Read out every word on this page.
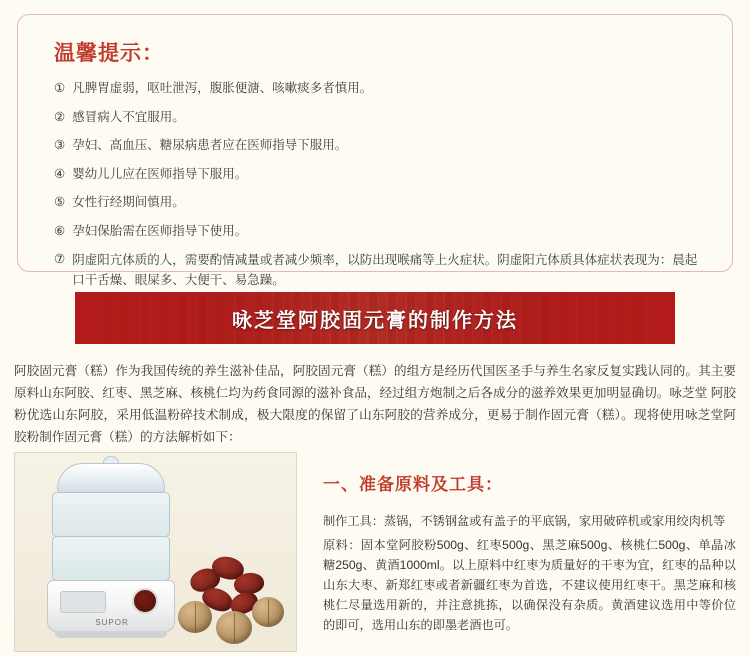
温馨提示：
① 凡脾胃虚弱，呕吐泄泻，腹胀便溏、咳嗽痰多者慎用。
② 感冒病人不宜服用。
③ 孕妇、高血压、糖尿病患者应在医师指导下服用。
④ 婴幼儿儿应在医师指导下服用。
⑤ 女性行经期间慎用。
⑥ 孕妇保胎需在医师指导下使用。
⑦ 阴虚阳亢体质的人，需要酌情减量或者减少频率，以防出现喉痛等上火症状。阴虚阳亢体质具体症状表现为：晨起口干舌燥、眼屎多、大便干、易急躁。
咏芝堂阿胶固元膏的制作方法
阿胶固元膏（糕）作为我国传统的养生滋补佳品，阿胶固元膏（糕）的组方是经历代国医圣手与养生名家反复实践认同的。其主要原料山东阿胶、红枣、黑芝麻、核桃仁均为药食同源的滋补食品，经过组方炮制之后各成分的滋养效果更加明显确切。咏芝堂 阿胶粉优选山东阿胶，采用低温粉碎技术制成，极大限度的保留了山东阿胶的营养成分，更易于制作固元膏（糕）。现将使用咏芝堂阿胶粉制作固元膏（糕）的方法解析如下：
SUPOR
一、准备原料及工具：

制作工具：蒸锅，不锈钢盆或有盖子的平底锅，家用破碎机或家用绞肉机等

原料：固本堂阿胶粉500g、红枣500g、黑芝麻500g、核桃仁500g、单晶冰糖250g、黄酒1000ml。以上原料中红枣为质量好的干枣为宜，红枣的品种以山东大枣、新郑红枣或者新疆红枣为首选，不建议使用红枣干。黑芝麻和核桃仁尽量选用新的，并注意挑拣，以确保没有杂质。黄酒建议选用中等价位的即可，选用山东的即墨老酒也可。
